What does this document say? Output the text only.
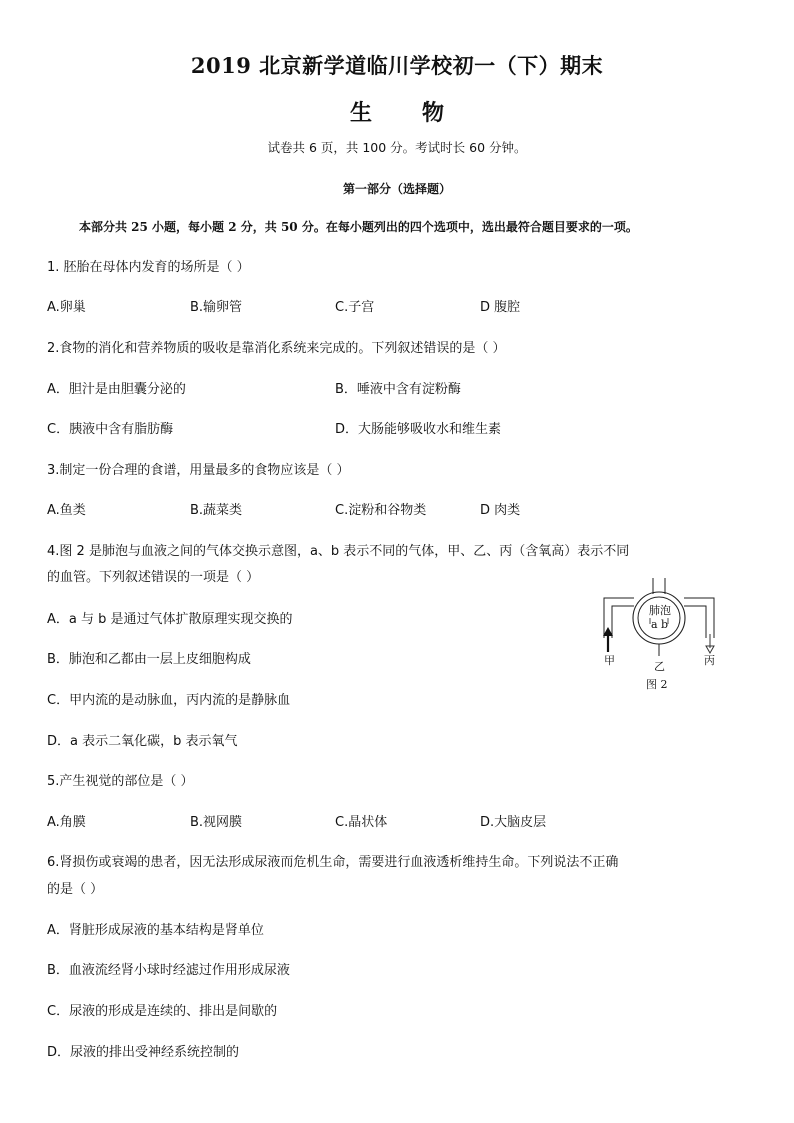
2019 北京新学道临川学校初一（下）期末
生 物
试卷共 6 页，共 100 分。考试时长 60 分钟。
第一部分（选择题）
本部分共 25 小题，每小题 2 分，共 50 分。在每小题列出的四个选项中，选出最符合题目要求的一项。
1. 胚胎在母体内发育的场所是（ ）
A.卵巢	B.输卵管	C.子宫	D 腹腔
2.食物的消化和营养物质的吸收是靠消化系统来完成的。下列叙述错误的是（ ）
A．胆汁是由胆囊分泌的	B．唾液中含有淀粉酶
C．胰液中含有脂肪酶	D．大肠能够吸收水和维生素
3.制定一份合理的食谱，用量最多的食物应该是（ ）
A.鱼类	B.蔬菜类	C.淀粉和谷物类	D 肉类
4.图 2 是肺泡与血液之间的气体交换示意图，a、b 表示不同的气体，甲、乙、丙（含氧高）表示不同
的血管。下列叙述错误的一项是（ ）
A．a 与 b 是通过气体扩散原理实现交换的
B．肺泡和乙都由一层上皮细胞构成
C．甲内流的是动脉血，丙内流的是静脉血
D．a 表示二氧化碳，b 表示氧气
肺泡
a b
甲	乙	丙
图 2
5.产生视觉的部位是（ ）
A.角膜	B.视网膜	C.晶状体	D.大脑皮层
6.肾损伤或衰竭的患者，因无法形成尿液而危机生命，需要进行血液透析维持生命。下列说法不正确
的是（ ）
A．肾脏形成尿液的基本结构是肾单位
B．血液流经肾小球时经滤过作用形成尿液
C．尿液的形成是连续的、排出是间歇的
D．尿液的排出受神经系统控制的
